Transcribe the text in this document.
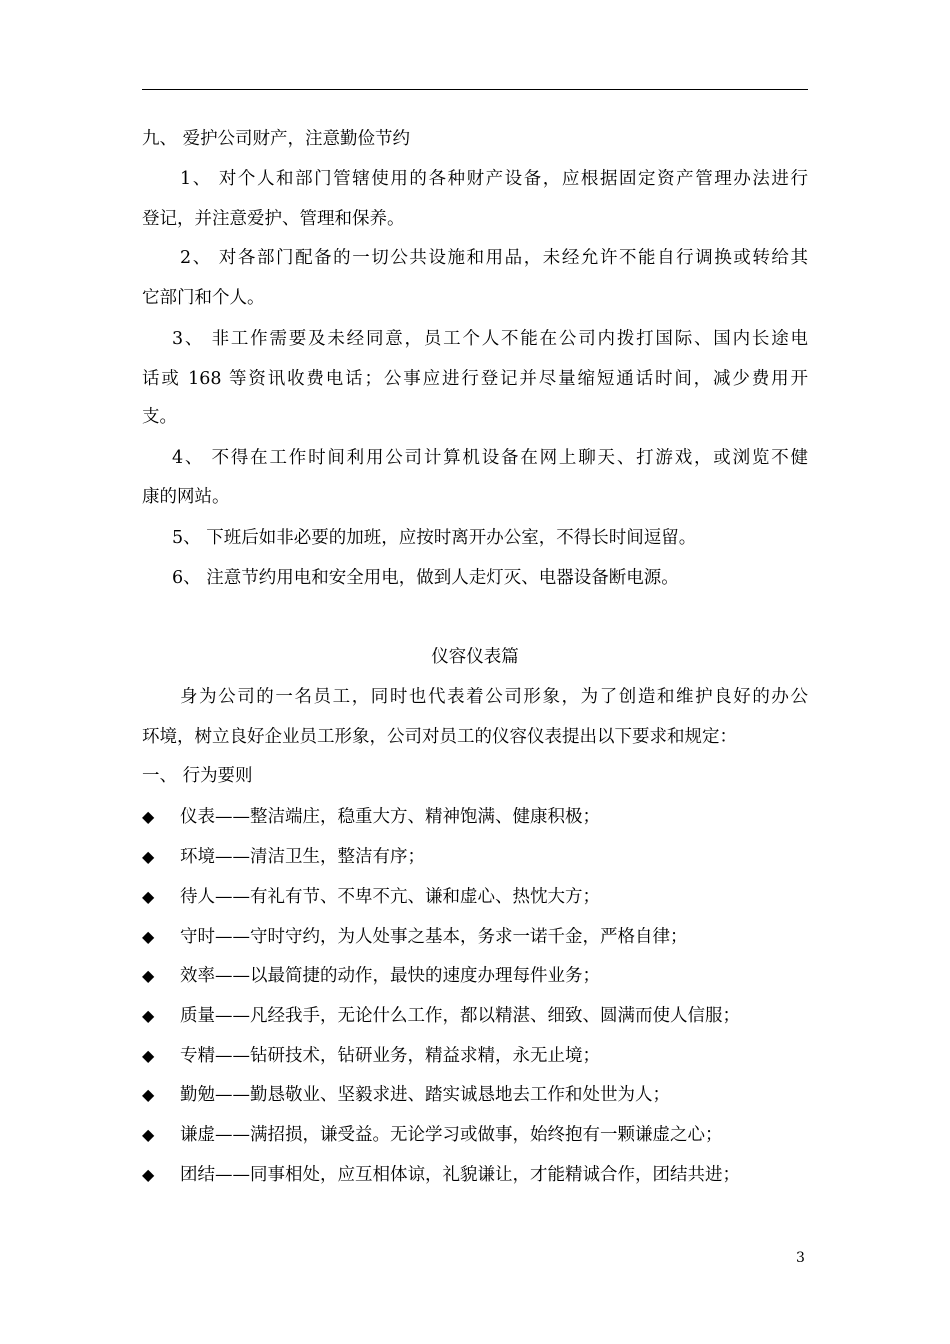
九、 爱护公司财产，注意勤俭节约
1、 对个人和部门管辖使用的各种财产设备，应根据固定资产管理办法进行
登记，并注意爱护、管理和保养。
2、 对各部门配备的一切公共设施和用品，未经允许不能自行调换或转给其
它部门和个人。
3、 非工作需要及未经同意，员工个人不能在公司内拨打国际、国内长途电
话或 168 等资讯收费电话；公事应进行登记并尽量缩短通话时间，减少费用开
支。
4、 不得在工作时间利用公司计算机设备在网上聊天、打游戏，或浏览不健
康的网站。
5、 下班后如非必要的加班，应按时离开办公室，不得长时间逗留。
6、 注意节约用电和安全用电，做到人走灯灭、电器设备断电源。
仪容仪表篇
身为公司的一名员工，同时也代表着公司形象，为了创造和维护良好的办公
环境，树立良好企业员工形象，公司对员工的仪容仪表提出以下要求和规定：
一、 行为要则
◆ 仪表——整洁端庄，稳重大方、精神饱满、健康积极；
◆ 环境——清洁卫生，整洁有序；
◆ 待人——有礼有节、不卑不亢、谦和虚心、热忱大方；
◆ 守时——守时守约，为人处事之基本，务求一诺千金，严格自律；
◆ 效率——以最简捷的动作，最快的速度办理每件业务；
◆ 质量——凡经我手，无论什么工作，都以精湛、细致、圆满而使人信服；
◆ 专精——钻研技术，钻研业务，精益求精，永无止境；
◆ 勤勉——勤恳敬业、坚毅求进、踏实诚恳地去工作和处世为人；
◆ 谦虚——满招损，谦受益。无论学习或做事，始终抱有一颗谦虚之心；
◆ 团结——同事相处，应互相体谅，礼貌谦让，才能精诚合作，团结共进；
3
